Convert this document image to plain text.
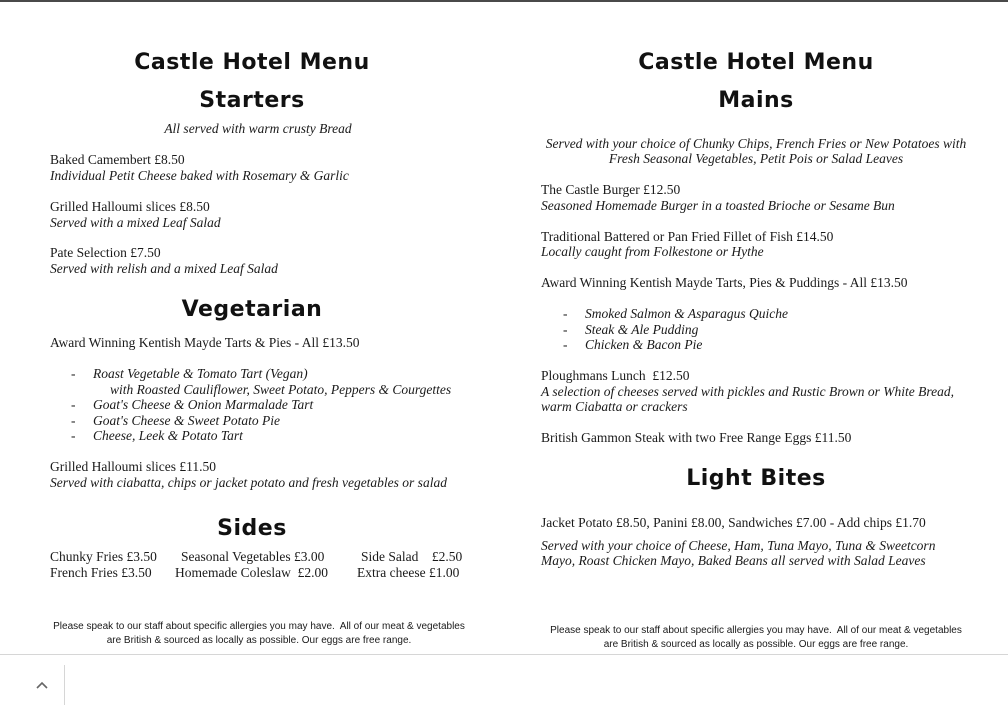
Castle Hotel Menu
Starters
All served with warm crusty Bread
Baked Camembert £8.50
Individual Petit Cheese baked with Rosemary & Garlic
Grilled Halloumi slices £8.50
Served with a mixed Leaf Salad
Pate Selection £7.50
Served with relish and a mixed Leaf Salad
Vegetarian
Award Winning Kentish Mayde Tarts & Pies - All £13.50
- Roast Vegetable & Tomato Tart (Vegan)
with Roasted Cauliflower, Sweet Potato, Peppers & Courgettes
- Goat's Cheese & Onion Marmalade Tart
- Goat's Cheese & Sweet Potato Pie
- Cheese, Leek & Potato Tart
Grilled Halloumi slices £11.50
Served with ciabatta, chips or jacket potato and fresh vegetables or salad
Sides
Chunky Fries £3.50 Seasonal Vegetables £3.00	Side Salad    £2.50
French Fries £3.50 Homemade Coleslaw  £2.00 Extra cheese £1.00
Please speak to our staff about specific allergies you may have.  All of our meat & vegetables
are British & sourced as locally as possible. Our eggs are free range.
Castle Hotel Menu
Mains
Served with your choice of Chunky Chips, French Fries or New Potatoes with
Fresh Seasonal Vegetables, Petit Pois or Salad Leaves
The Castle Burger £12.50
Seasoned Homemade Burger in a toasted Brioche or Sesame Bun
Traditional Battered or Pan Fried Fillet of Fish £14.50
Locally caught from Folkestone or Hythe
Award Winning Kentish Mayde Tarts, Pies & Puddings - All £13.50
- Smoked Salmon & Asparagus Quiche
- Steak & Ale Pudding
- Chicken & Bacon Pie
Ploughmans Lunch  £12.50
A selection of cheeses served with pickles and Rustic Brown or White Bread,
warm Ciabatta or crackers
British Gammon Steak with two Free Range Eggs £11.50
Light Bites
Jacket Potato £8.50, Panini £8.00, Sandwiches £7.00 - Add chips £1.70
Served with your choice of Cheese, Ham, Tuna Mayo, Tuna & Sweetcorn
Mayo, Roast Chicken Mayo, Baked Beans all served with Salad Leaves
Please speak to our staff about specific allergies you may have.  All of our meat & vegetables
are British & sourced as locally as possible. Our eggs are free range.
